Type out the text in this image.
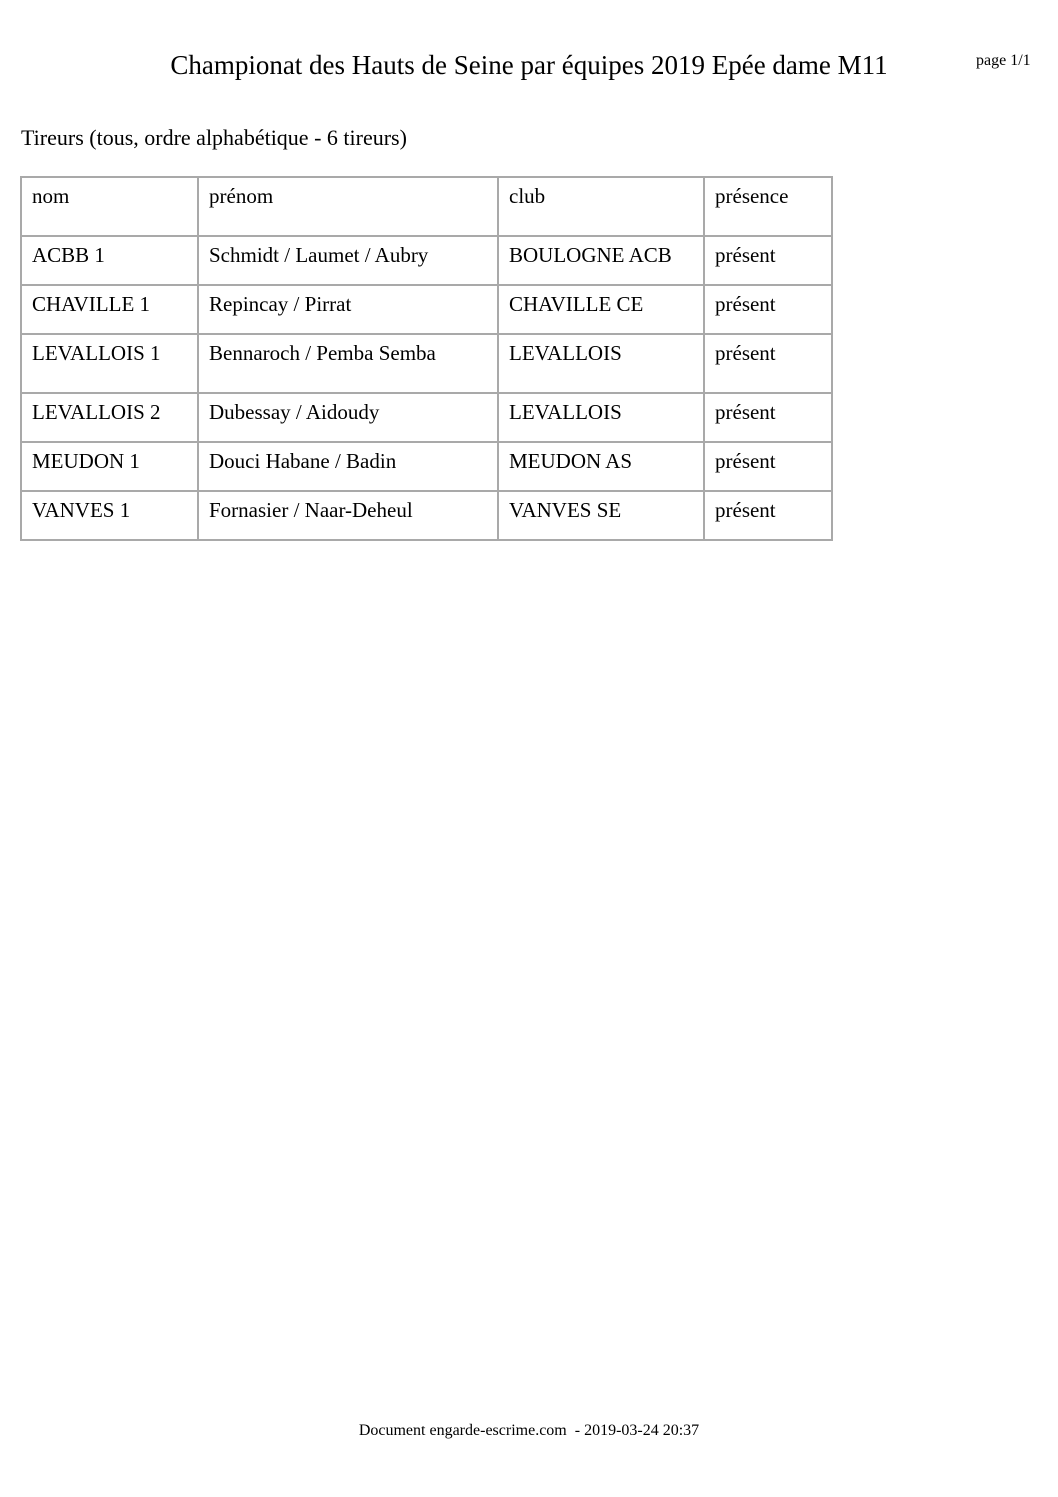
Championat des Hauts de Seine par équipes 2019 Epée dame M11	page 1/1
Tireurs (tous, ordre alphabétique - 6 tireurs)
nom	prénom	club	présence
ACBB 1	Schmidt / Laumet / Aubry	BOULOGNE ACB	présent
CHAVILLE 1	Repincay / Pirrat	CHAVILLE CE	présent
LEVALLOIS 1	Bennaroch / Pemba Semba	LEVALLOIS	présent
LEVALLOIS 2	Dubessay / Aidoudy	LEVALLOIS	présent
MEUDON 1	Douci Habane / Badin	MEUDON AS	présent
VANVES 1	Fornasier / Naar-Deheul	VANVES SE	présent
Document engarde-escrime.com  - 2019-03-24 20:37
